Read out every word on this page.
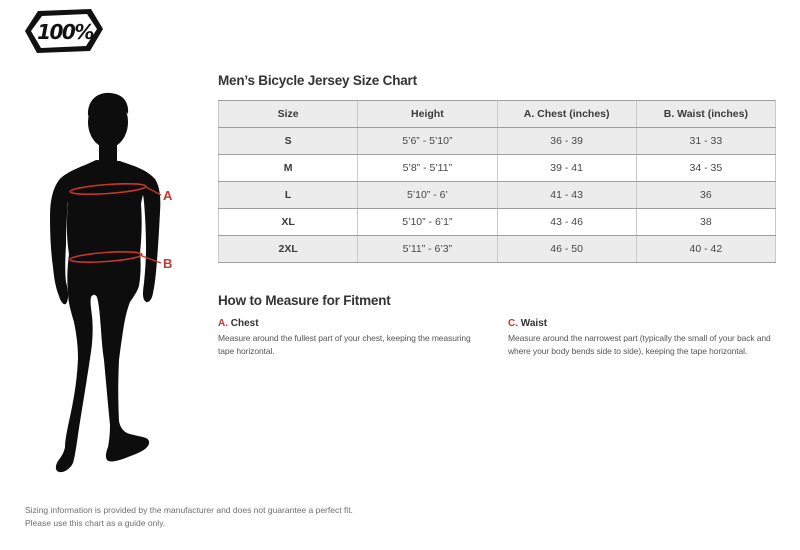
100%
A
B
Men’s Bicycle Jersey Size Chart
Size	Height	A. Chest (inches)	B. Waist (inches)
S	5’6” - 5’10”	36 - 39	31 - 33
M	5’8” - 5’11”	39 - 41	34 - 35
L	5’10” - 6’	41 - 43	36
XL	5’10” - 6’1”	43 - 46	38
2XL	5’11” - 6’3”	46 - 50	40 - 42
How to Measure for Fitment
A. Chest

Measure around the fullest part of your chest, keeping the measuring tape horizontal.

C. Waist

Measure around the narrowest part (typically the small of your back and where your body bends side to side), keeping the tape horizontal.

Sizing information is provided by the manufacturer and does not guarantee a perfect fit.
Please use this chart as a guide only.
